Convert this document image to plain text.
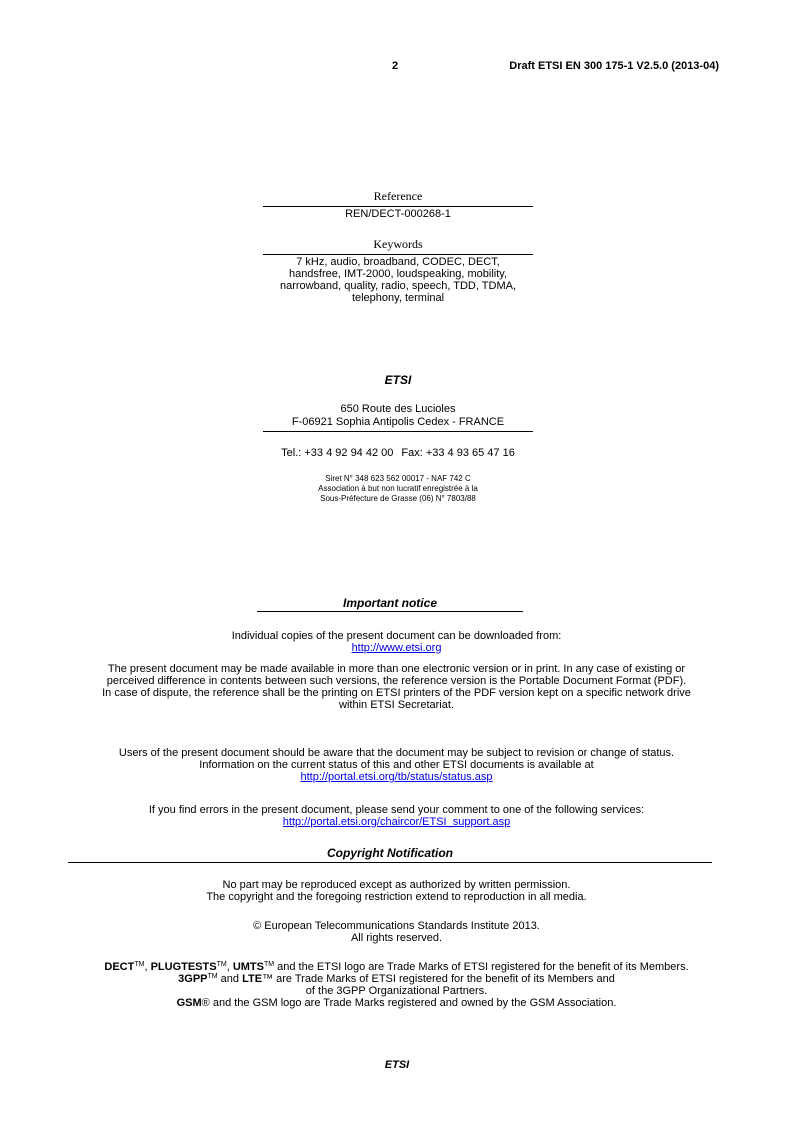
2	Draft ETSI EN 300 175-1 V2.5.0 (2013-04)
Reference
REN/DECT-000268-1
Keywords
7 kHz, audio, broadband, CODEC, DECT,
handsfree, IMT-2000, loudspeaking, mobility,
narrowband, quality, radio, speech, TDD, TDMA,
telephony, terminal
ETSI
650 Route des Lucioles
F-06921 Sophia Antipolis Cedex - FRANCE
Tel.: +33 4 92 94 42 00 Fax: +33 4 93 65 47 16
Siret N° 348 623 562 00017 - NAF 742 C
Association à but non lucratif enregistrée à la
Sous-Préfecture de Grasse (06) N° 7803/88
Important notice
Individual copies of the present document can be downloaded from:
http://www.etsi.org
The present document may be made available in more than one electronic version or in print. In any case of existing or
perceived difference in contents between such versions, the reference version is the Portable Document Format (PDF).
In case of dispute, the reference shall be the printing on ETSI printers of the PDF version kept on a specific network drive
within ETSI Secretariat.
Users of the present document should be aware that the document may be subject to revision or change of status.
Information on the current status of this and other ETSI documents is available at
http://portal.etsi.org/tb/status/status.asp
If you find errors in the present document, please send your comment to one of the following services:
http://portal.etsi.org/chaircor/ETSI_support.asp
Copyright Notification
No part may be reproduced except as authorized by written permission.
The copyright and the foregoing restriction extend to reproduction in all media.
© European Telecommunications Standards Institute 2013.
All rights reserved.
DECT™, PLUGTESTS™, UMTS™ and the ETSI logo are Trade Marks of ETSI registered for the benefit of its Members.
3GPP™ and LTE™ are Trade Marks of ETSI registered for the benefit of its Members and
of the 3GPP Organizational Partners.
GSM® and the GSM logo are Trade Marks registered and owned by the GSM Association.
ETSI
